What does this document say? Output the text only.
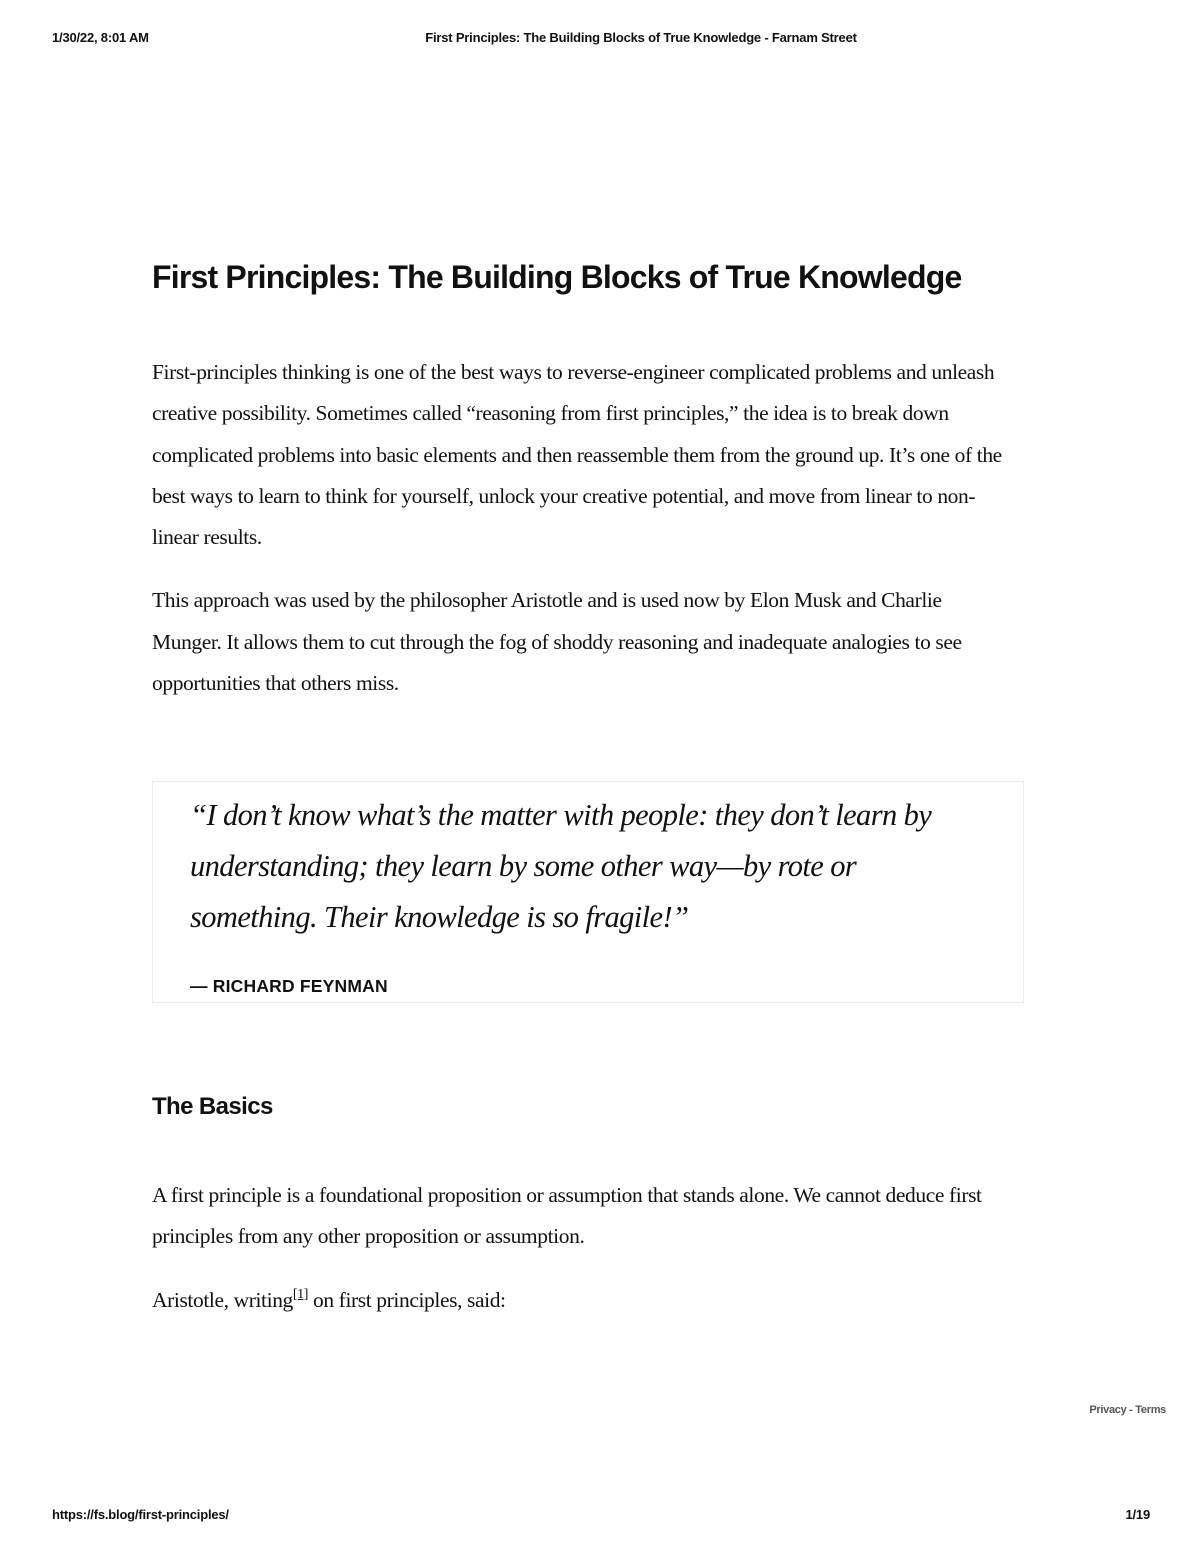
1/30/22, 8:01 AM	First Principles: The Building Blocks of True Knowledge - Farnam Street
First Principles: The Building Blocks of True Knowledge

First-principles thinking is one of the best ways to reverse-engineer complicated problems and unleash creative possibility. Sometimes called “reasoning from first principles,” the idea is to break down complicated problems into basic elements and then reassemble them from the ground up. It’s one of the best ways to learn to think for yourself, unlock your creative potential, and move from linear to non-linear results.

This approach was used by the philosopher Aristotle and is used now by Elon Musk and Charlie Munger. It allows them to cut through the fog of shoddy reasoning and inadequate analogies to see opportunities that others miss.

“I don’t know what’s the matter with people: they don’t learn by understanding; they learn by some other way—by rote or something. Their knowledge is so fragile!”

— RICHARD FEYNMAN

The Basics

A first principle is a foundational proposition or assumption that stands alone. We cannot deduce first principles from any other proposition or assumption.

Aristotle, writing[1] on first principles, said:

Privacy - Terms
https://fs.blog/first-principles/	1/19
